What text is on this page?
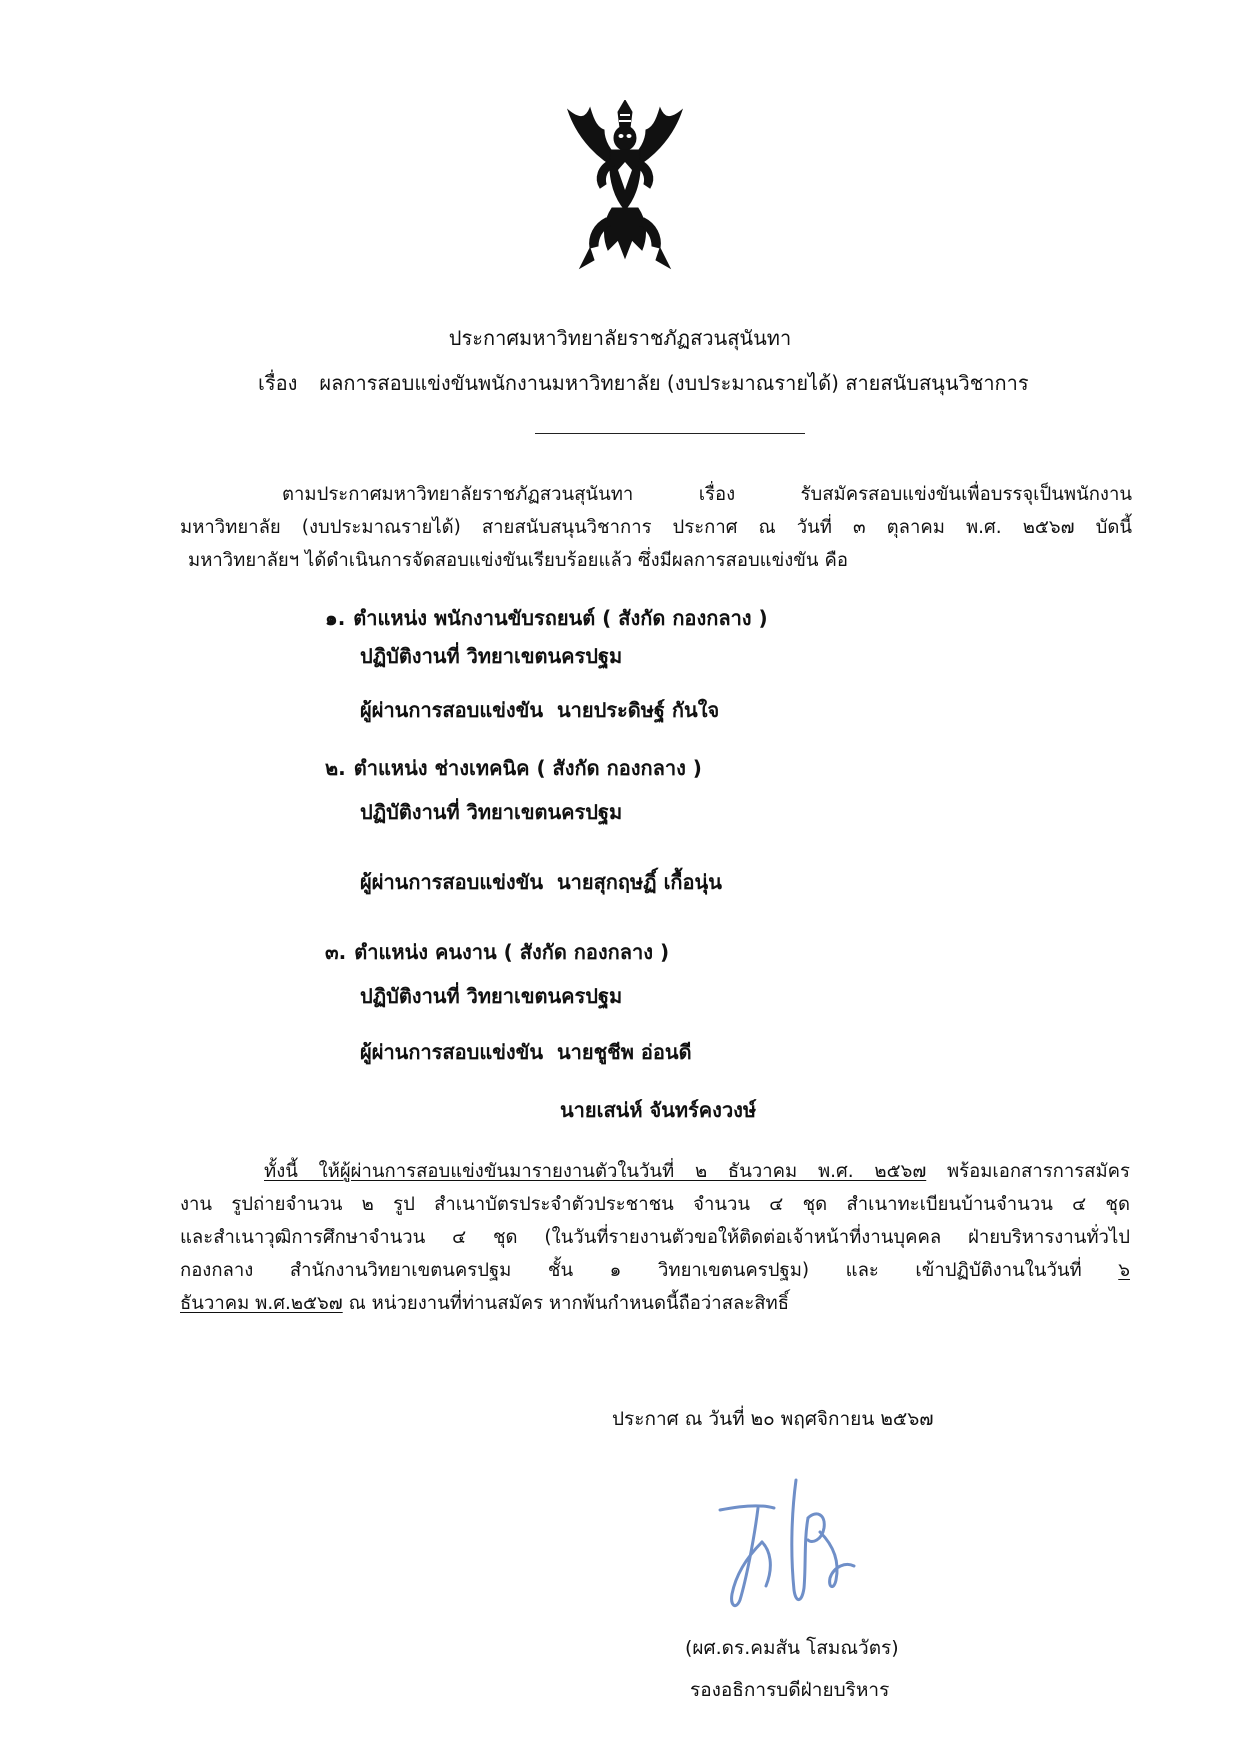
ประกาศมหาวิทยาลัยราชภัฏสวนสุนันทา
เรื่อง ผลการสอบแข่งขันพนักงานมหาวิทยาลัย (งบประมาณรายได้) สายสนับสนุนวิชาการ
ตามประกาศมหาวิทยาลัยราชภัฏสวนสุนันทา เรื่อง รับสมัครสอบแข่งขันเพื่อบรรจุเป็นพนักงาน
มหาวิทยาลัย (งบประมาณรายได้) สายสนับสนุนวิชาการ ประกาศ ณ วันที่ ๓ ตุลาคม พ.ศ. ๒๕๖๗ บัดนี้
มหาวิทยาลัยฯ ได้ดำเนินการจัดสอบแข่งขันเรียบร้อยแล้ว ซึ่งมีผลการสอบแข่งขัน คือ
๑. ตำแหน่ง พนักงานขับรถยนต์ ( สังกัด กองกลาง )
ปฏิบัติงานที่ วิทยาเขตนครปฐม
ผู้ผ่านการสอบแข่งขัน นายประดิษฐ์ กันใจ
๒. ตำแหน่ง ช่างเทคนิค ( สังกัด กองกลาง )
ปฏิบัติงานที่ วิทยาเขตนครปฐม
ผู้ผ่านการสอบแข่งขัน นายสุกฤษฏิ์ เกื้อนุ่น
๓. ตำแหน่ง คนงาน ( สังกัด กองกลาง )
ปฏิบัติงานที่ วิทยาเขตนครปฐม
ผู้ผ่านการสอบแข่งขัน นายชูชีพ อ่อนดี
นายเสน่ห์ จันทร์คงวงษ์
ทั้งนี้ ให้ผู้ผ่านการสอบแข่งขันมารายงานตัวในวันที่ ๒ ธันวาคม พ.ศ. ๒๕๖๗ พร้อมเอกสารการสมัคร
งาน รูปถ่ายจำนวน ๒ รูป สำเนาบัตรประจำตัวประชาชน จำนวน ๔ ชุด สำเนาทะเบียนบ้านจำนวน ๔ ชุด
และสำเนาวุฒิการศึกษาจำนวน ๔ ชุด (ในวันที่รายงานตัวขอให้ติดต่อเจ้าหน้าที่งานบุคคล ฝ่ายบริหารงานทั่วไป
กองกลาง สำนักงานวิทยาเขตนครปฐม ชั้น ๑ วิทยาเขตนครปฐม) และ เข้าปฏิบัติงานในวันที่ ๖
ธันวาคม พ.ศ.๒๕๖๗ ณ หน่วยงานที่ท่านสมัคร หากพ้นกำหนดนี้ถือว่าสละสิทธิ์
ประกาศ ณ วันที่ ๒๐ พฤศจิกายน ๒๕๖๗
(ผศ.ดร.คมสัน โสมณวัตร)
รองอธิการบดีฝ่ายบริหาร
